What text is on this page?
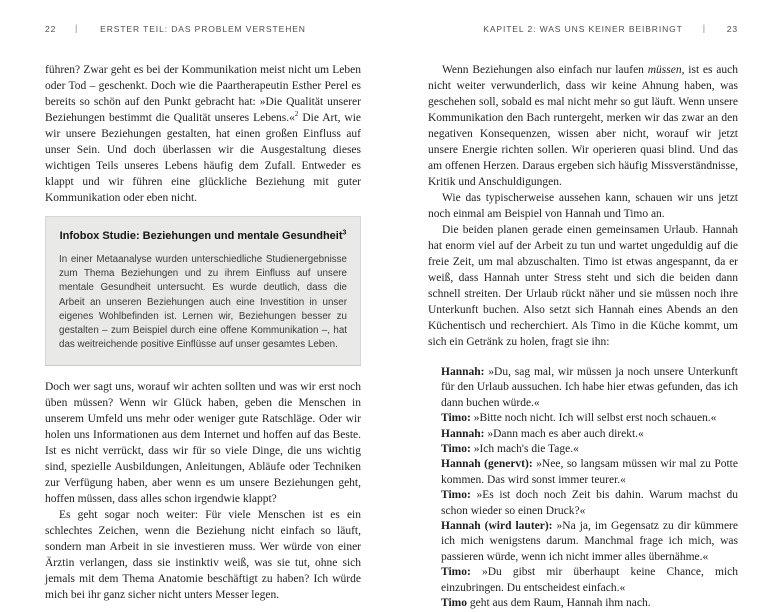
22 |	ERSTER TEIL: DAS PROBLEM VERSTEHEN

führen? Zwar geht es bei der Kommunikation meist nicht um Leben oder Tod – geschenkt. Doch wie die Paartherapeutin Esther Perel es bereits so schön auf den Punkt gebracht hat: »Die Qualität unserer Beziehungen bestimmt die Qualität unseres Lebens.«$^2$ Die Art, wie wir unsere Beziehungen gestalten, hat einen großen Einfluss auf unser Sein. Und doch überlassen wir die Ausgestaltung dieses wichtigen Teils unseres Lebens häufig dem Zufall. Entweder es klappt und wir führen eine glückliche Beziehung mit guter Kommunikation oder eben nicht.

Infobox Studie: Beziehungen und mentale Gesundheit$^3$

In einer Metaanalyse wurden unterschiedliche Studienergebnisse zum Thema Beziehungen und zu ihrem Einfluss auf unsere mentale Gesundheit untersucht. Es wurde deutlich, dass die Arbeit an unseren Beziehungen auch eine Investition in unser eigenes Wohlbefinden ist. Lernen wir, Beziehungen besser zu gestalten – zum Beispiel durch eine offene Kommunikation –, hat das weitreichende positive Einflüsse auf unser gesamtes Leben.

Doch wer sagt uns, worauf wir achten sollten und was wir erst noch üben müssen? Wenn wir Glück haben, geben die Menschen in unserem Umfeld uns mehr oder weniger gute Ratschläge. Oder wir holen uns Informationen aus dem Internet und hoffen auf das Beste. Ist es nicht verrückt, dass wir für so viele Dinge, die uns wichtig sind, spezielle Ausbildungen, Anleitungen, Abläufe oder Techniken zur Verfügung haben, aber wenn es um unsere Beziehungen geht, hoffen müssen, dass alles schon irgendwie klappt?

Es geht sogar noch weiter: Für viele Menschen ist es ein schlechtes Zeichen, wenn die Beziehung nicht einfach so läuft, sondern man Arbeit in sie investieren muss. Wer würde von einer Ärztin verlangen, dass sie instinktiv weiß, was sie tut, ohne sich jemals mit dem Thema Anatomie beschäftigt zu haben? Ich würde mich bei ihr ganz sicher nicht unters Messer legen.

KAPITEL 2: WAS UNS KEINER BEIBRINGT	| 23

Wenn Beziehungen also einfach nur laufen müssen, ist es auch nicht weiter verwunderlich, dass wir keine Ahnung haben, was geschehen soll, sobald es mal nicht mehr so gut läuft. Wenn unsere Kommunikation den Bach runtergeht, merken wir das zwar an den negativen Konsequenzen, wissen aber nicht, worauf wir jetzt unsere Energie richten sollen. Wir operieren quasi blind. Und das am offenen Herzen. Daraus ergeben sich häufig Missverständnisse, Kritik und Anschuldigungen.

Wie das typischerweise aussehen kann, schauen wir uns jetzt noch einmal am Beispiel von Hannah und Timo an.

Die beiden planen gerade einen gemeinsamen Urlaub. Hannah hat enorm viel auf der Arbeit zu tun und wartet ungeduldig auf die freie Zeit, um mal abzuschalten. Timo ist etwas angespannt, da er weiß, dass Hannah unter Stress steht und sich die beiden dann schnell streiten. Der Urlaub rückt näher und sie müssen noch ihre Unterkunft buchen. Also setzt sich Hannah eines Abends an den Küchentisch und recherchiert. Als Timo in die Küche kommt, um sich ein Getränk zu holen, fragt sie ihn:

Hannah: »Du, sag mal, wir müssen ja noch unsere Unterkunft für den Urlaub aussuchen. Ich habe hier etwas gefunden, das ich dann buchen würde.«

Timo: »Bitte noch nicht. Ich will selbst erst noch schauen.«

Hannah: »Dann mach es aber auch direkt.«

Timo: »Ich mach's die Tage.«

Hannah (genervt): »Nee, so langsam müssen wir mal zu Potte kommen. Das wird sonst immer teurer.«

Timo: »Es ist doch noch Zeit bis dahin. Warum machst du schon wieder so einen Druck?«

Hannah (wird lauter): »Na ja, im Gegensatz zu dir kümmere ich mich wenigstens darum. Manchmal frage ich mich, was passieren würde, wenn ich nicht immer alles übernähme.«

Timo: »Du gibst mir überhaupt keine Chance, mich einzubringen. Du entscheidest einfach.«

Timo geht aus dem Raum, Hannah ihm nach.
